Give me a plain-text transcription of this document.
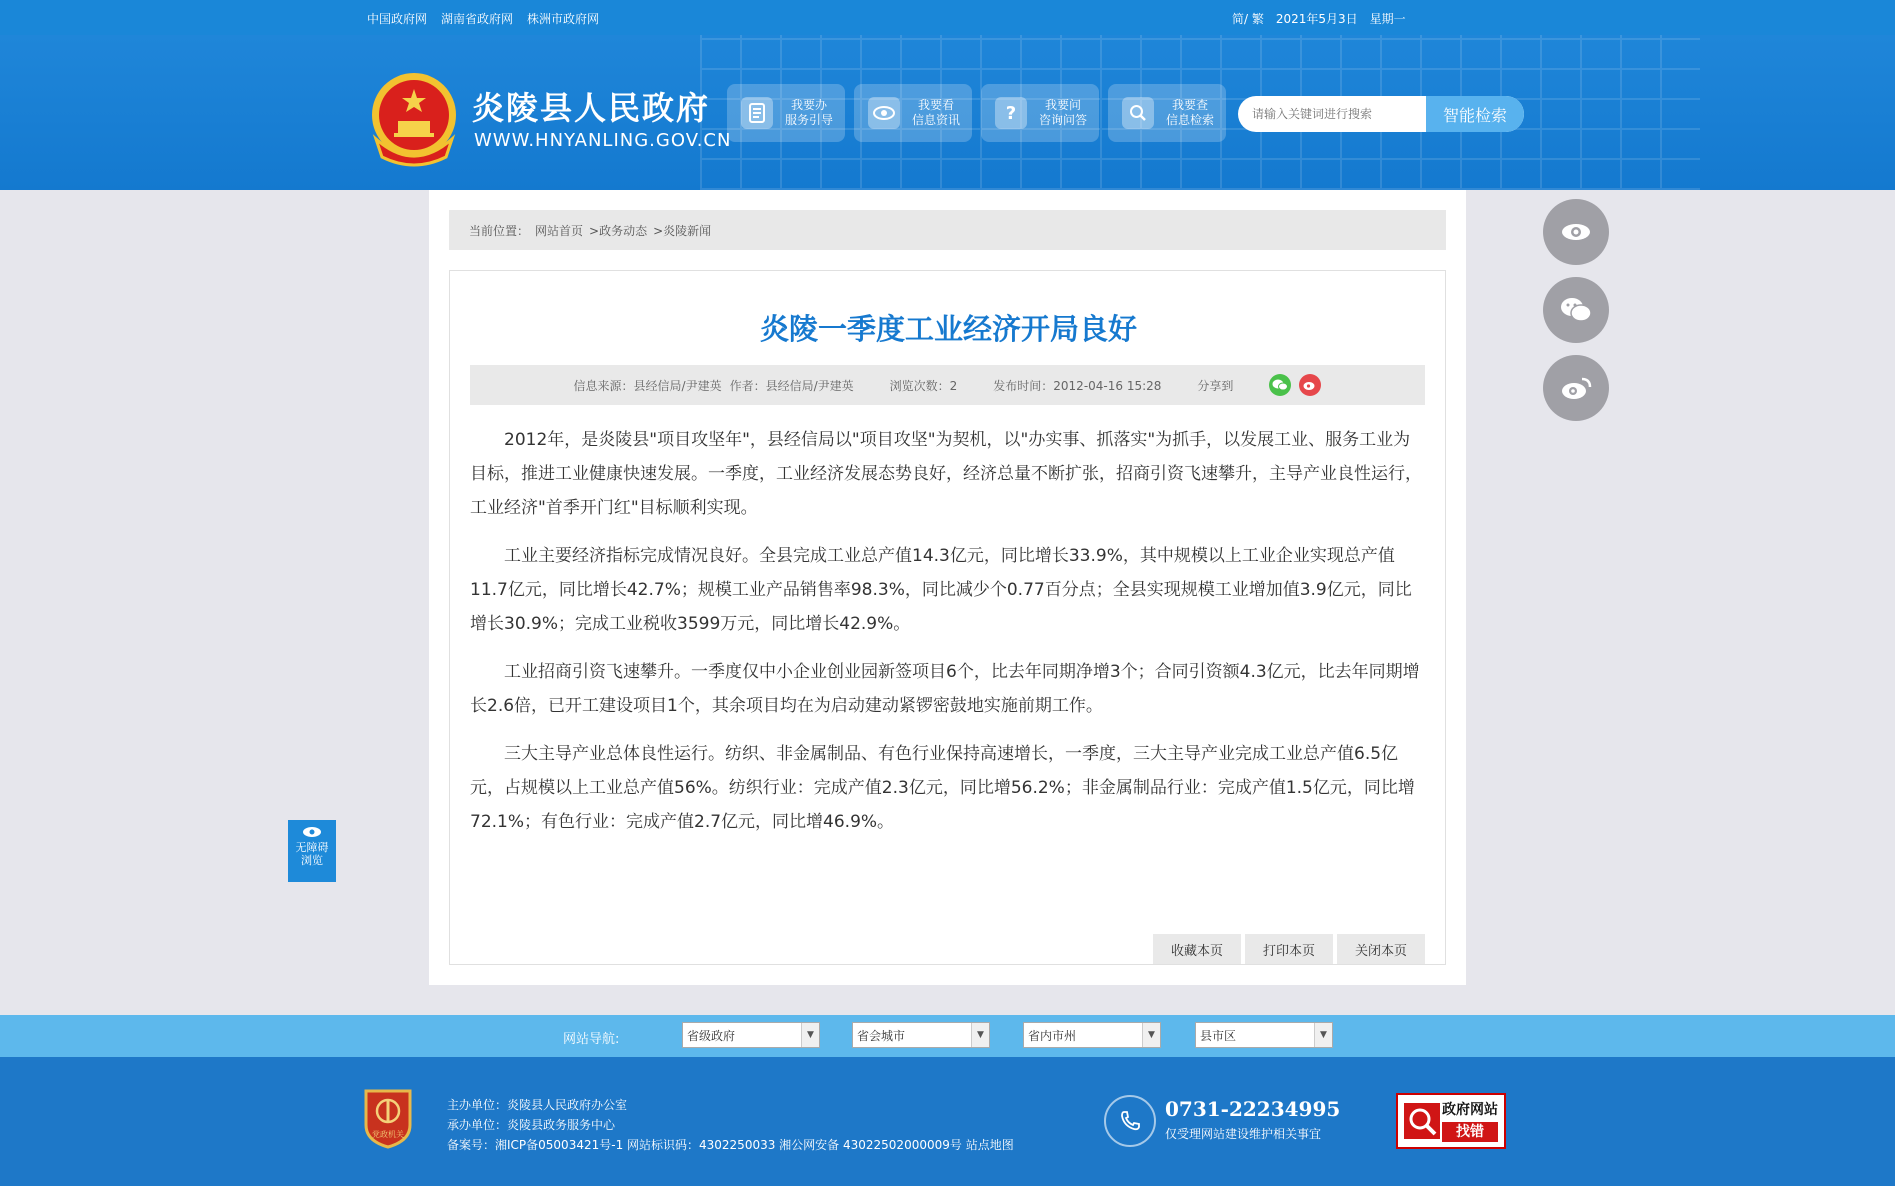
中国政府网 湖南省政府网 株洲市政府网	简/ 繁 2021年5月3日 星期一
炎陵县人民政府
WWW.HNYANLING.GOV.CN
我要办
服务引导
我要看
信息资讯	?	我要问
咨询问答
我要查
信息检索
请输入关键词进行搜索	智能检索
当前位置： 网站首页 >政务动态 >炎陵新闻
炎陵一季度工业经济开局良好
信息来源：县经信局/尹建英 作者：县经信局/尹建英	浏览次数：2	发布时间：2012-04-16 15:28	分享到

2012年，是炎陵县"项目攻坚年"，县经信局以"项目攻坚"为契机，以"办实事、抓落实"为抓手，以发展工业、服务工业为目标，推进工业健康快速发展。一季度，工业经济发展态势良好，经济总量不断扩张，招商引资飞速攀升，主导产业良性运行，工业经济"首季开门红"目标顺利实现。

工业主要经济指标完成情况良好。全县完成工业总产值14.3亿元，同比增长33.9%，其中规模以上工业企业实现总产值11.7亿元，同比增长42.7%；规模工业产品销售率98.3%，同比减少个0.77百分点；全县实现规模工业增加值3.9亿元，同比增长30.9%；完成工业税收3599万元，同比增长42.9%。

工业招商引资飞速攀升。一季度仅中小企业创业园新签项目6个，比去年同期净增3个；合同引资额4.3亿元，比去年同期增长2.6倍，已开工建设项目1个，其余项目均在为启动建动紧锣密鼓地实施前期工作。

三大主导产业总体良性运行。纺织、非金属制品、有色行业保持高速增长，一季度，三大主导产业完成工业总产值6.5亿元，占规模以上工业总产值56%。纺织行业：完成产值2.3亿元，同比增56.2%；非金属制品行业：完成产值1.5亿元，同比增72.1%；有色行业：完成产值2.7亿元，同比增46.9%。

收藏本页	打印本页	关闭本页
无障碍
浏览
网站导航:	省级政府	▼	省会城市	▼	省内市州	▼	县市区	▼
党政机关
主办单位：炎陵县人民政府办公室
承办单位：炎陵县政务服务中心
备案号：湘ICP备05003421号-1 网站标识码：4302250033 湘公网安备 43022502000009号 站点地图
0731-22234995
仅受理网站建设维护相关事宜
政府网站
找错
